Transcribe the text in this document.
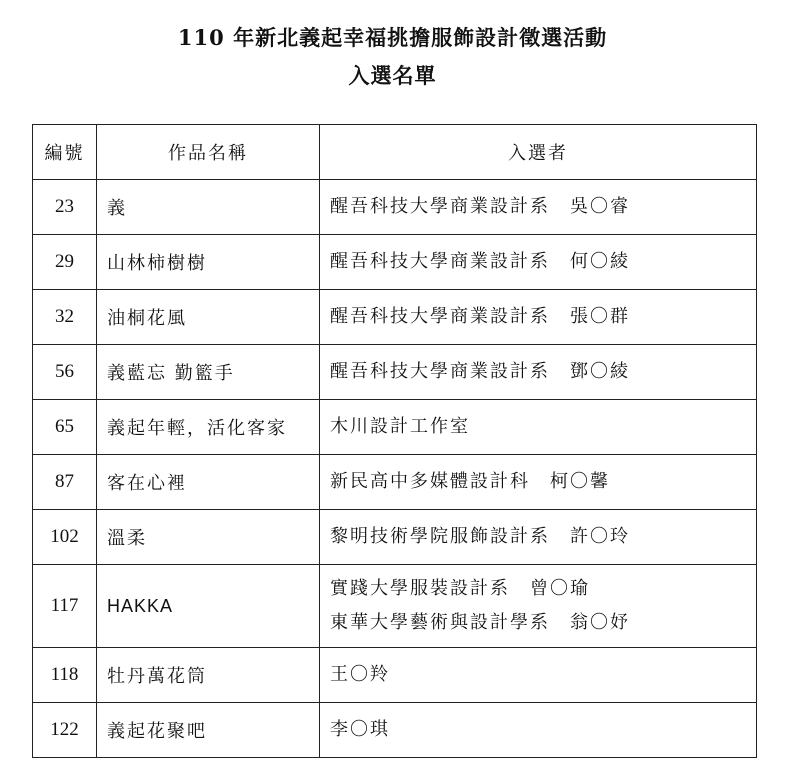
110 年新北義起幸福挑擔服飾設計徵選活動
入選名單
編號	作品名稱	入選者
23	義	醒吾科技大學商業設計系　吳〇睿

29	山林柿樹樹	醒吾科技大學商業設計系　何〇綾

32	油桐花風	醒吾科技大學商業設計系　張〇群

56	義藍忘 勤籃手	醒吾科技大學商業設計系　鄧〇綾

65	義起年輕，活化客家	木川設計工作室

87	客在心裡	新民高中多媒體設計科　柯〇馨

102	溫柔	黎明技術學院服飾設計系　許〇玲

117	HAKKA	實踐大學服裝設計系　曾〇瑜
東華大學藝術與設計學系　翁〇妤

118	牡丹萬花筒	王〇羚

122	義起花聚吧	李〇琪
